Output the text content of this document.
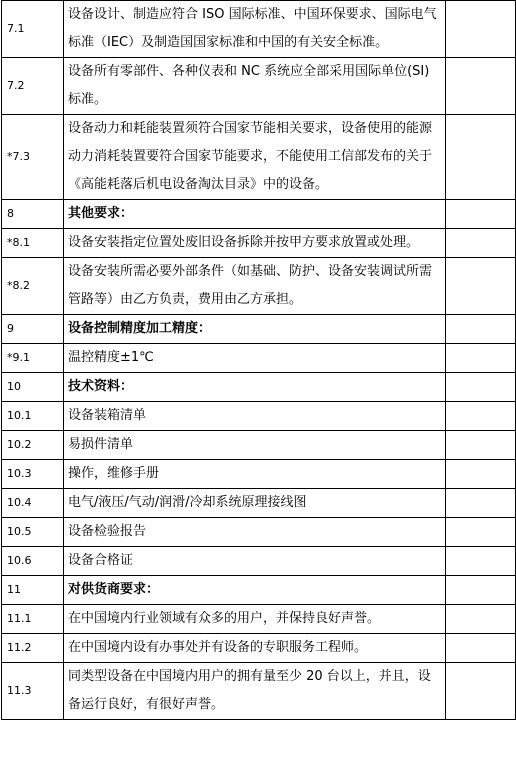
7.1	设备设计、制造应符合 ISO 国际标准、中国环保要求、国际电气标准（IEC）及制造国国家标准和中国的有关安全标准。	
7.2	设备所有零部件、各种仪表和 NC 系统应全部采用国际单位(SI)标准。	
*7.3	设备动力和耗能装置须符合国家节能相关要求，设备使用的能源动力消耗装置要符合国家节能要求，不能使用工信部发布的关于《高能耗落后机电设备淘汰目录》中的设备。	
8	其他要求：	
*8.1	设备安装指定位置处废旧设备拆除并按甲方要求放置或处理。	
*8.2	设备安装所需必要外部条件（如基础、防护、设备安装调试所需管路等）由乙方负责，费用由乙方承担。	
9	设备控制精度加工精度：	
*9.1	温控精度±1℃	
10	技术资料：	
10.1	设备装箱清单	
10.2	易损件清单	
10.3	操作，维修手册	
10.4	电气/液压/气动/润滑/冷却系统原理接线图	
10.5	设备检验报告	
10.6	设备合格证	
11	对供货商要求：	
11.1	在中国境内行业领域有众多的用户，并保持良好声誉。	
11.2	在中国境内设有办事处并有设备的专职服务工程师。	
11.3	同类型设备在中国境内用户的拥有量至少 20 台以上，并且，设备运行良好，有很好声誉。	
